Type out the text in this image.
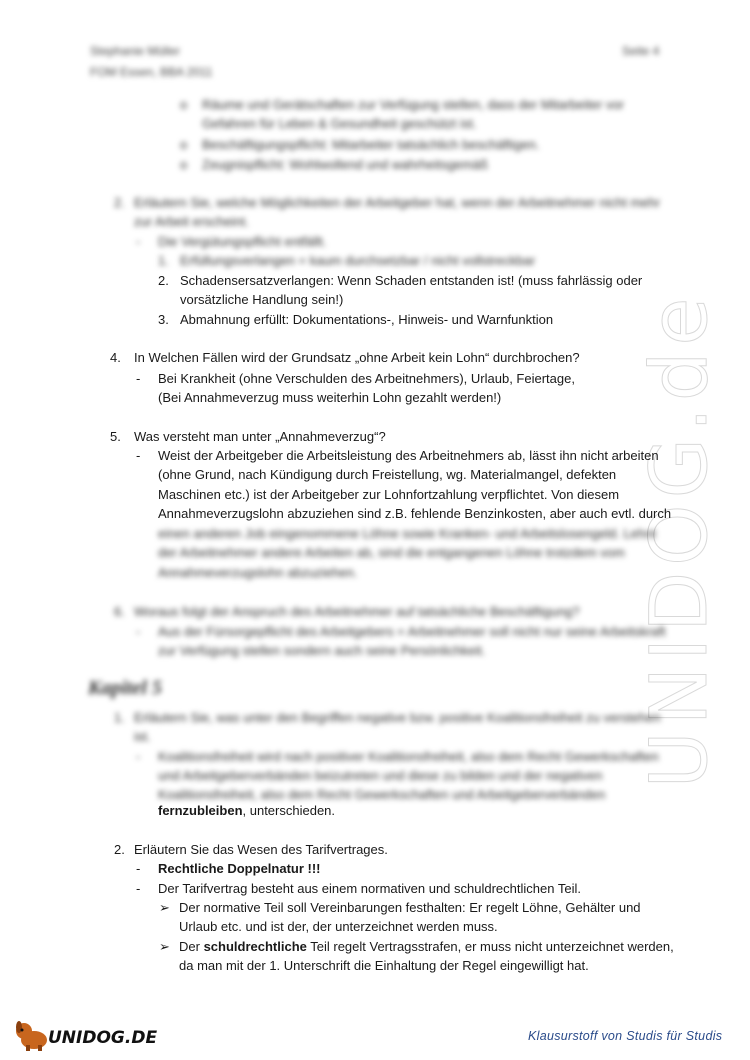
UNIDOG.de
Stephanie Müller
FOM Essen, BBA 2011
Seite 4
o Räume und Gerätschaften zur Verfügung stellen, dass der Mitarbeiter vor
Gefahren für Leben & Gesundheit geschützt ist.
o Beschäftigungspflicht: Mitarbeiter tatsächlich beschäftigen.
o Zeugnispflicht: Wohlwollend und wahrheitsgemäß
2. Erläutern Sie, welche Möglichkeiten der Arbeitgeber hat, wenn der Arbeitnehmer nicht mehr
zur Arbeit erscheint.
- Die Vergütungspflicht entfällt.
1. Erfüllungsverlangen = kaum durchsetzbar / nicht vollstreckbar
2. Schadensersatzverlangen: Wenn Schaden entstanden ist! (muss fahrlässig oder
vorsätzliche Handlung sein!)
3. Abmahnung erfüllt: Dokumentations-, Hinweis- und Warnfunktion
4. In Welchen Fällen wird der Grundsatz „ohne Arbeit kein Lohn“ durchbrochen?
- Bei Krankheit (ohne Verschulden des Arbeitnehmers), Urlaub, Feiertage,
(Bei Annahmeverzug muss weiterhin Lohn gezahlt werden!)
5. Was versteht man unter „Annahmeverzug“?
- Weist der Arbeitgeber die Arbeitsleistung des Arbeitnehmers ab, lässt ihn nicht arbeiten
(ohne Grund, nach Kündigung durch Freistellung, wg. Materialmangel, defekten
Maschinen etc.) ist der Arbeitgeber zur Lohnfortzahlung verpflichtet. Von diesem
Annahmeverzugslohn abzuziehen sind z.B. fehlende Benzinkosten, aber auch evtl. durch
einen anderen Job eingenommene Löhne sowie Kranken- und Arbeitslosengeld. Lehnt
der Arbeitnehmer andere Arbeiten ab, sind die entgangenen Löhne trotzdem vom
Annahmeverzugslohn abzuziehen.
6. Woraus folgt der Anspruch des Arbeitnehmer auf tatsächliche Beschäftigung?
- Aus der Fürsorgepflicht des Arbeitgebers = Arbeitnehmer soll nicht nur seine Arbeitskraft
zur Verfügung stellen sondern auch seine Persönlichkeit.
Kapitel 5
1. Erläutern Sie, was unter den Begriffen negative bzw. positive Koalitionsfreiheit zu verstehen
ist.
- Koalitionsfreiheit wird nach positiver Koalitionsfreiheit, also dem Recht Gewerkschaften
und Arbeitgeberverbänden beizutreten und diese zu bilden und der negativen
Koalitionsfreiheit, also dem Recht Gewerkschaften und Arbeitgeberverbänden
fernzubleiben, unterschieden.
2. Erläutern Sie das Wesen des Tarifvertrages.
- Rechtliche Doppelnatur !!!
- Der Tarifvertrag besteht aus einem normativen und schuldrechtlichen Teil.
➢ Der normative Teil soll Vereinbarungen festhalten: Er regelt Löhne, Gehälter und
Urlaub etc. und ist der, der unterzeichnet werden muss.
➢ Der schuldrechtliche Teil regelt Vertragsstrafen, er muss nicht unterzeichnet werden,
da man mit der 1. Unterschrift die Einhaltung der Regel eingewilligt hat.
UNIDOG.DE	Klausurstoff von Studis für Studis
